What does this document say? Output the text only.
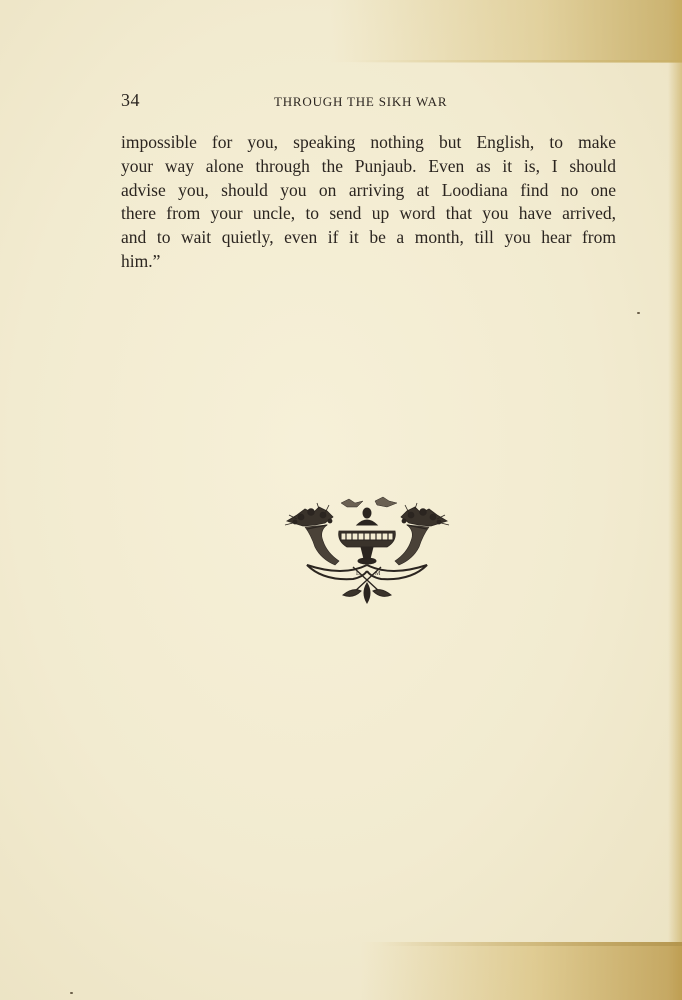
34	THROUGH THE SIKH WAR
impossible for you, speaking nothing but English, to make
your way alone through the Punjaub. Even as it is, I should
advise you, should you on arriving at Loodiana find no one
there from your uncle, to send up word that you have arrived,
and to wait quietly, even if it be a month, till you hear from
him.”
L	M
